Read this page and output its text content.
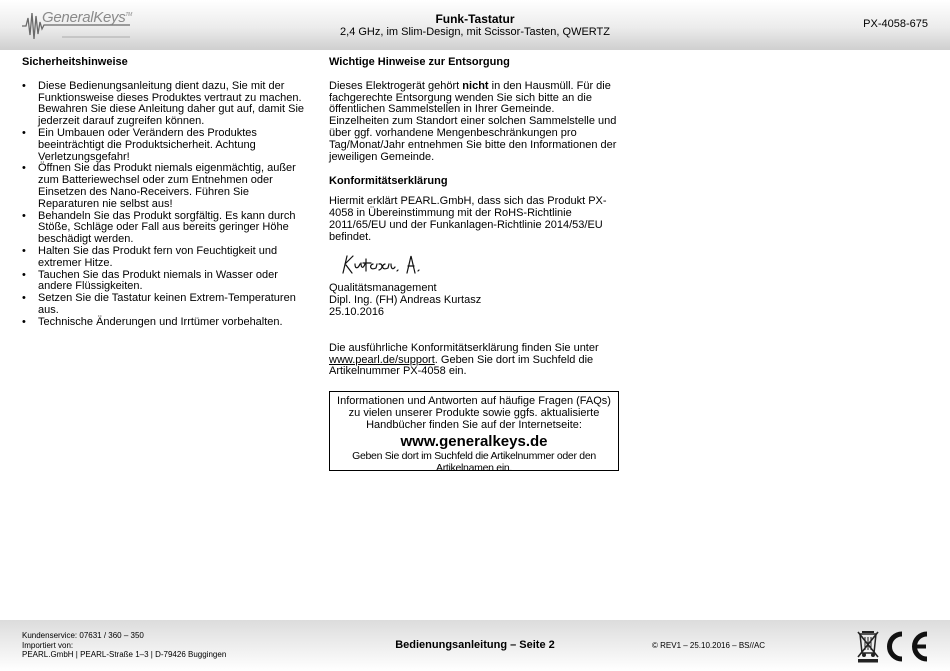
GeneralKeys™	Funk-Tastatur
2,4 GHz, im Slim-Design, mit Scissor-Tasten, QWERTZ
PX-4058-675
Sicherheitshinweise
• Diese Bedienungsanleitung dient dazu, Sie mit der Funktionsweise dieses Produktes vertraut zu machen. Bewahren Sie diese Anleitung daher gut auf, damit Sie jederzeit darauf zugreifen können.
• Ein Umbauen oder Verändern des Produktes beeinträchtigt die Produktsicherheit. Achtung Verletzungsgefahr!
• Öffnen Sie das Produkt niemals eigenmächtig, außer zum Batteriewechsel oder zum Entnehmen oder Einsetzen des Nano-Receivers. Führen Sie Reparaturen nie selbst aus!
• Behandeln Sie das Produkt sorgfältig. Es kann durch Stöße, Schläge oder Fall aus bereits geringer Höhe beschädigt werden.
• Halten Sie das Produkt fern von Feuchtigkeit und extremer Hitze.
• Tauchen Sie das Produkt niemals in Wasser oder andere Flüssigkeiten.
• Setzen Sie die Tastatur keinen Extrem-Temperaturen aus.
• Technische Änderungen und Irrtümer vorbehalten.
Wichtige Hinweise zur Entsorgung

Dieses Elektrogerät gehört nicht in den Hausmüll. Für die fachgerechte Entsorgung wenden Sie sich bitte an die öffentlichen Sammelstellen in Ihrer Gemeinde.

Einzelheiten zum Standort einer solchen Sammelstelle und über ggf. vorhandene Mengenbeschränkungen pro Tag/Monat/Jahr entnehmen Sie bitte den Informationen der jeweiligen Gemeinde.

Konformitätserklärung

Hiermit erklärt PEARL.GmbH, dass sich das Produkt PX-4058 in Übereinstimmung mit der RoHS-Richtlinie 2011/65/EU und der Funkanlagen-Richtlinie 2014/53/EU befindet.

Qualitätsmanagement

Dipl. Ing. (FH) Andreas Kurtasz

25.10.2016

Die ausführliche Konformitätserklärung finden Sie unter www.pearl.de/support. Geben Sie dort im Suchfeld die Artikelnummer PX-4058 ein.

Informationen und Antworten auf häufige Fragen (FAQs) zu vielen unserer Produkte sowie ggfs. aktualisierte Handbücher finden Sie auf der Internetseite:
www.generalkeys.de
Geben Sie dort im Suchfeld die Artikelnummer oder den Artikelnamen ein.
Kundenservice: 07631 / 360 – 350
Importiert von:
PEARL.GmbH | PEARL-Straße 1–3 | D-79426 Buggingen
Bedienungsanleitung – Seite 2	© REV1 – 25.10.2016 – BS//AC
